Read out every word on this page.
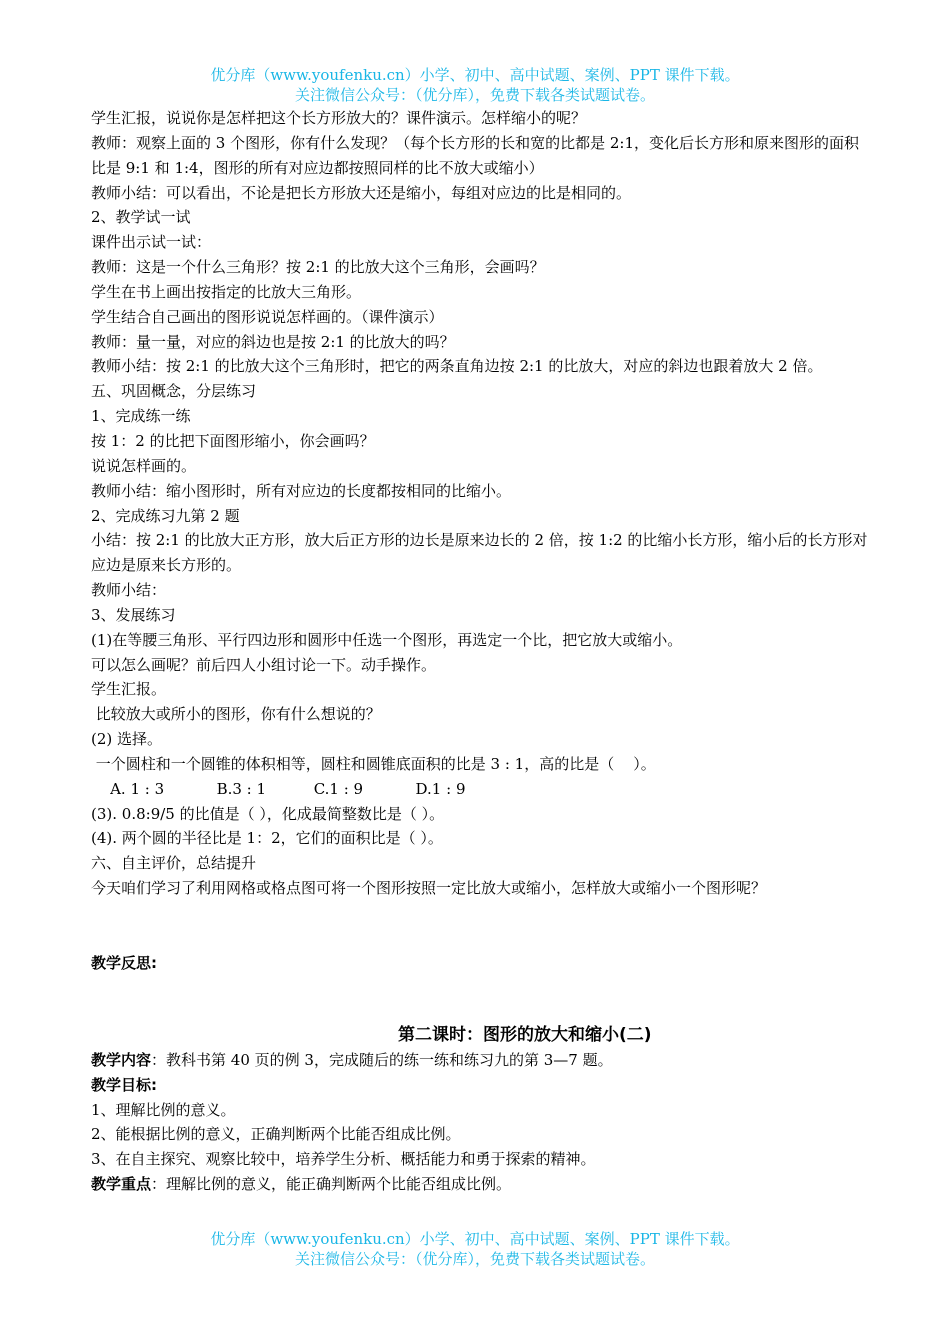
优分库（www.youfenku.cn）小学、初中、高中试题、案例、PPT 课件下载。
关注微信公众号：（优分库），免费下载各类试题试卷。
学生汇报，说说你是怎样把这个长方形放大的？课件演示。怎样缩小的呢？
教师：观察上面的 3 个图形，你有什么发现？（每个长方形的长和宽的比都是 2:1，变化后长方形和原来图形的面积比是 9:1 和 1:4，图形的所有对应边都按照同样的比不放大或缩小）
教师小结：可以看出，不论是把长方形放大还是缩小，每组对应边的比是相同的。
2、教学试一试
课件出示试一试：
教师：这是一个什么三角形？按 2:1 的比放大这个三角形，会画吗？
学生在书上画出按指定的比放大三角形。
学生结合自己画出的图形说说怎样画的。（课件演示）
教师：量一量，对应的斜边也是按 2:1 的比放大的吗？
教师小结：按 2:1 的比放大这个三角形时，把它的两条直角边按 2:1 的比放大，对应的斜边也跟着放大 2 倍。
五、巩固概念，分层练习
1、完成练一练
按 1：2 的比把下面图形缩小，你会画吗？
说说怎样画的。
教师小结：缩小图形时，所有对应边的长度都按相同的比缩小。
2、完成练习九第 2 题
小结：按 2:1 的比放大正方形，放大后正方形的边长是原来边长的 2 倍，按 1:2 的比缩小长方形，缩小后的长方形对应边是原来长方形的。
教师小结：
3、发展练习
(1)在等腰三角形、平行四边形和圆形中任选一个图形，再选定一个比，把它放大或缩小。
可以怎么画呢？前后四人小组讨论一下。动手操作。
学生汇报。
比较放大或所小的图形，你有什么想说的？
(2) 选择。
一个圆柱和一个圆锥的体积相等，圆柱和圆锥底面积的比是 3 : 1，高的比是（    ）。
A. 1 : 3           B.3 : 1          C.1 : 9           D.1 : 9
(3). 0.8:9/5 的比值是（ ），化成最简整数比是（ ）。
(4). 两个圆的半径比是 1：2，它们的面积比是（ ）。
六、自主评价，总结提升
今天咱们学习了利用网格或格点图可将一个图形按照一定比放大或缩小，怎样放大或缩小一个图形呢？
教学反思:
第二课时：图形的放大和缩小(二)
教学内容：教科书第 40 页的例 3，完成随后的练一练和练习九的第 3—7 题。
教学目标:
1、理解比例的意义。
2、能根据比例的意义，正确判断两个比能否组成比例。
3、在自主探究、观察比较中，培养学生分析、概括能力和勇于探索的精神。
教学重点：理解比例的意义，能正确判断两个比能否组成比例。
优分库（www.youfenku.cn）小学、初中、高中试题、案例、PPT 课件下载。
关注微信公众号：（优分库），免费下载各类试题试卷。
